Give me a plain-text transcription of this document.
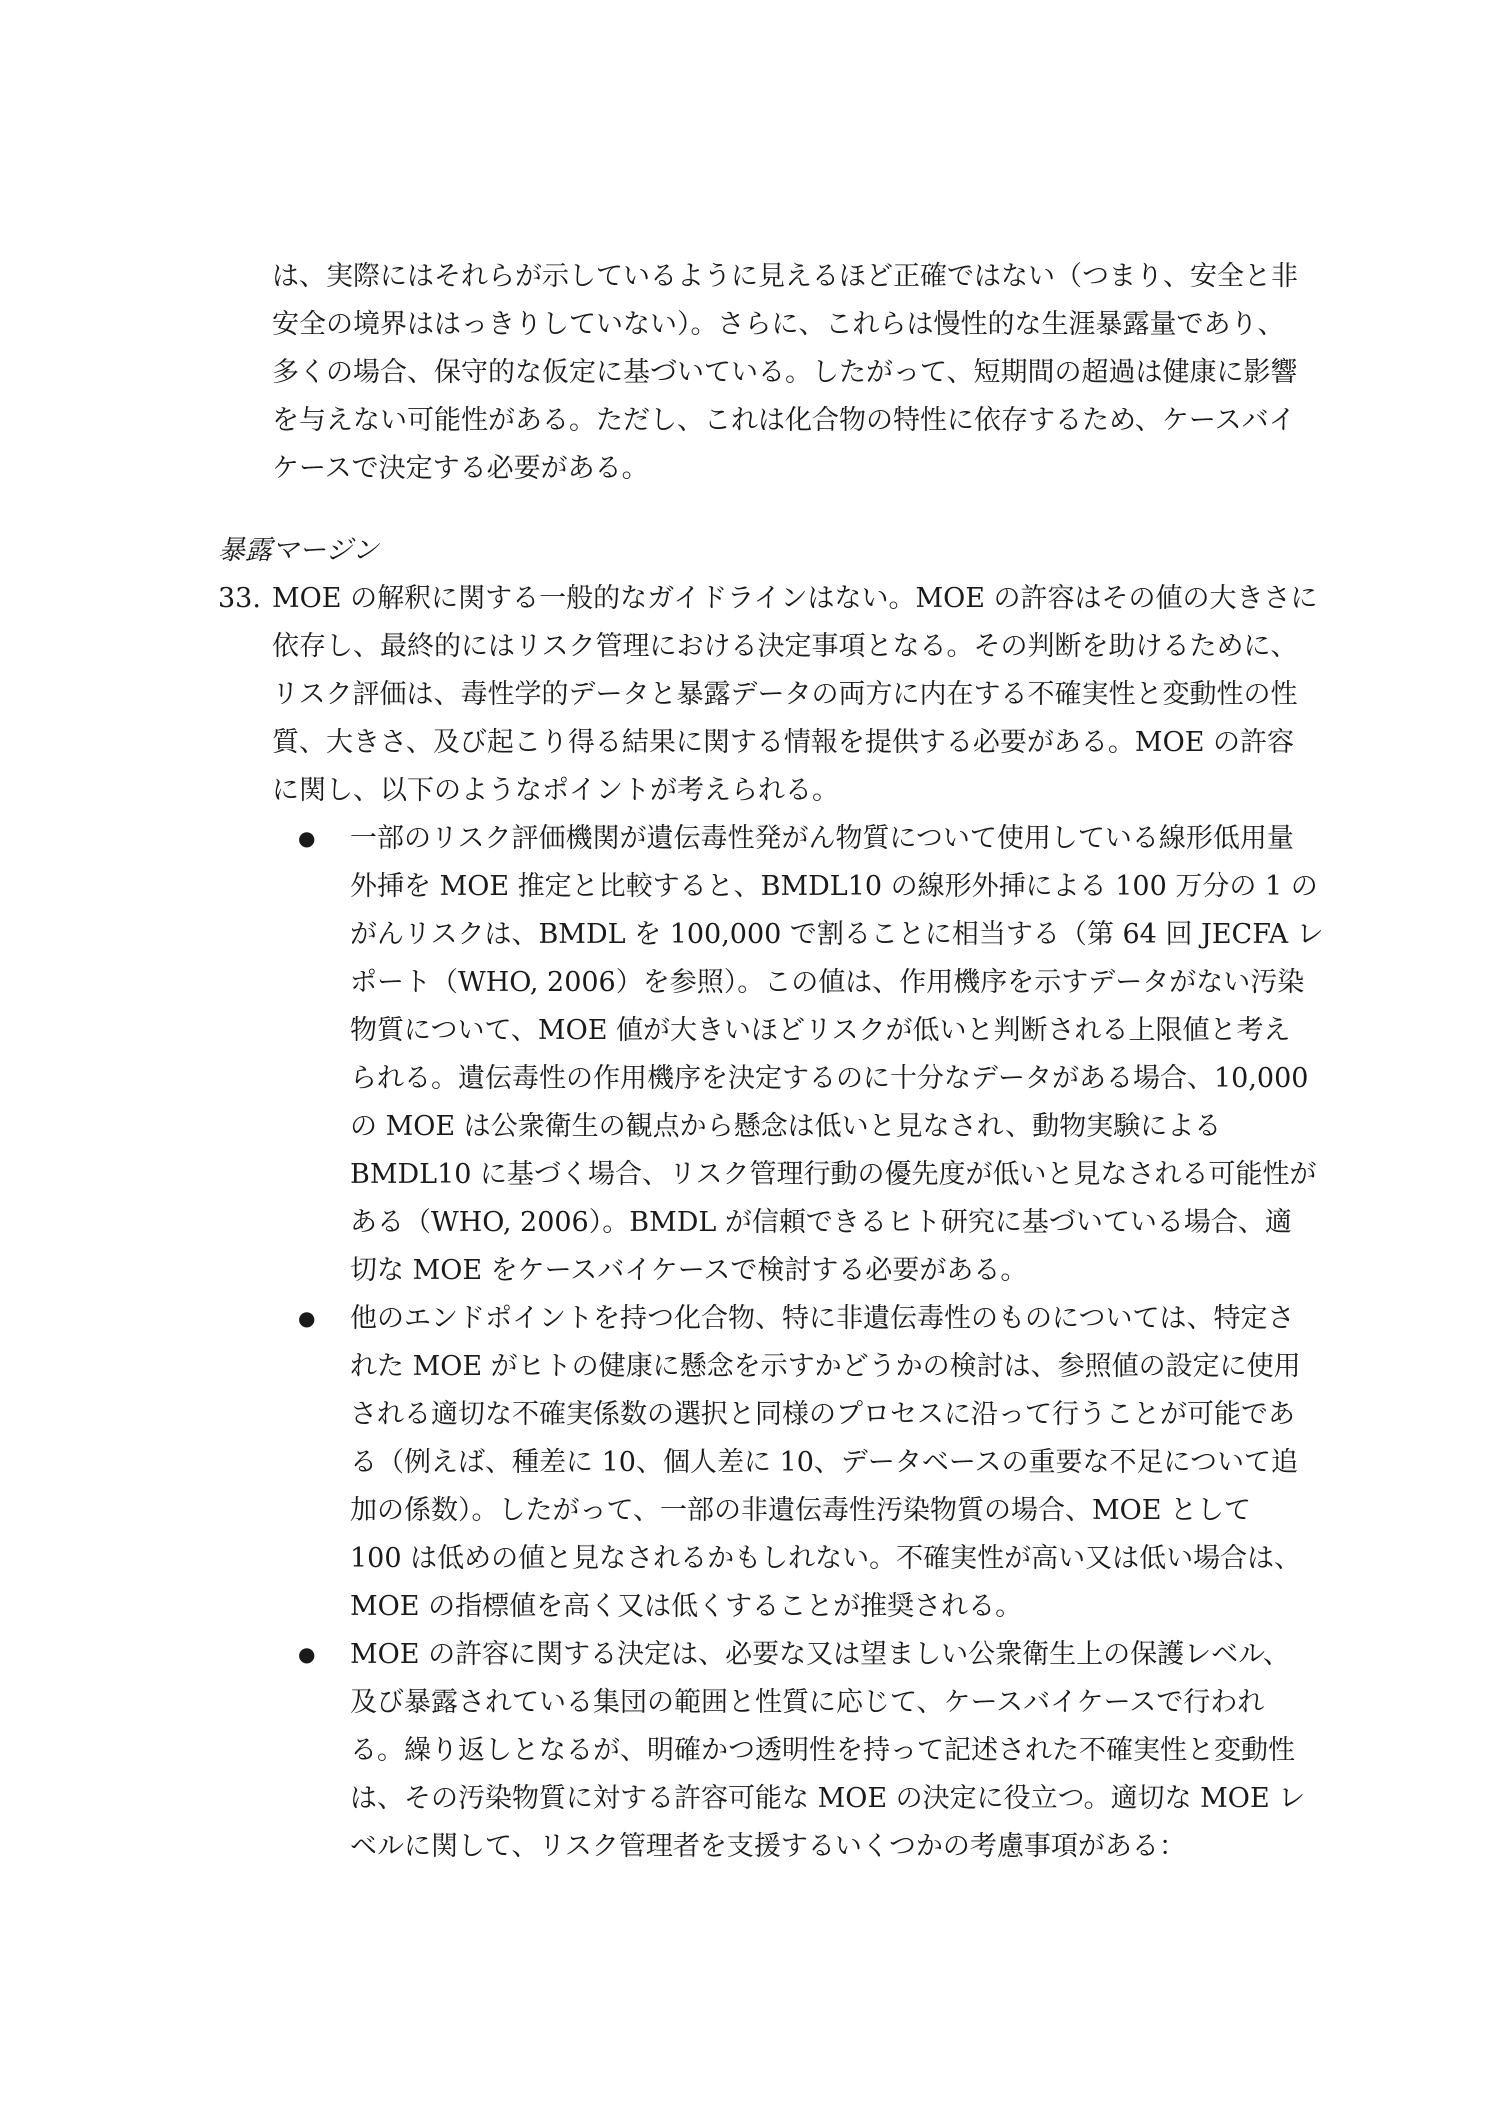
は、実際にはそれらが示しているように見えるほど正確ではない（つまり、安全と非
安全の境界ははっきりしていない）。さらに、これらは慢性的な生涯暴露量であり、
多くの場合、保守的な仮定に基づいている。したがって、短期間の超過は健康に影響
を与えない可能性がある。ただし、これは化合物の特性に依存するため、ケースバイ
ケースで決定する必要がある。
暴露マージン
33. MOE の解釈に関する一般的なガイドラインはない。MOE の許容はその値の大きさに
依存し、最終的にはリスク管理における決定事項となる。その判断を助けるために、
リスク評価は、毒性学的データと暴露データの両方に内在する不確実性と変動性の性
質、大きさ、及び起こり得る結果に関する情報を提供する必要がある。MOE の許容
に関し、以下のようなポイントが考えられる。
● 一部のリスク評価機関が遺伝毒性発がん物質について使用している線形低用量
外挿を MOE 推定と比較すると、BMDL10 の線形外挿による 100 万分の 1 の
がんリスクは、BMDL を 100,000 で割ることに相当する（第 64 回 JECFA レ
ポート（WHO, 2006）を参照）。この値は、作用機序を示すデータがない汚染
物質について、MOE 値が大きいほどリスクが低いと判断される上限値と考え
られる。遺伝毒性の作用機序を決定するのに十分なデータがある場合、10,000
の MOE は公衆衛生の観点から懸念は低いと見なされ、動物実験による
BMDL10 に基づく場合、リスク管理行動の優先度が低いと見なされる可能性が
ある（WHO, 2006）。BMDL が信頼できるヒト研究に基づいている場合、適
切な MOE をケースバイケースで検討する必要がある。
● 他のエンドポイントを持つ化合物、特に非遺伝毒性のものについては、特定さ
れた MOE がヒトの健康に懸念を示すかどうかの検討は、参照値の設定に使用
される適切な不確実係数の選択と同様のプロセスに沿って行うことが可能であ
る（例えば、種差に 10、個人差に 10、データベースの重要な不足について追
加の係数）。したがって、一部の非遺伝毒性汚染物質の場合、MOE として
100 は低めの値と見なされるかもしれない。不確実性が高い又は低い場合は、
MOE の指標値を高く又は低くすることが推奨される。
● MOE の許容に関する決定は、必要な又は望ましい公衆衛生上の保護レベル、
及び暴露されている集団の範囲と性質に応じて、ケースバイケースで行われ
る。繰り返しとなるが、明確かつ透明性を持って記述された不確実性と変動性
は、その汚染物質に対する許容可能な MOE の決定に役立つ。適切な MOE レ
ベルに関して、リスク管理者を支援するいくつかの考慮事項がある：
